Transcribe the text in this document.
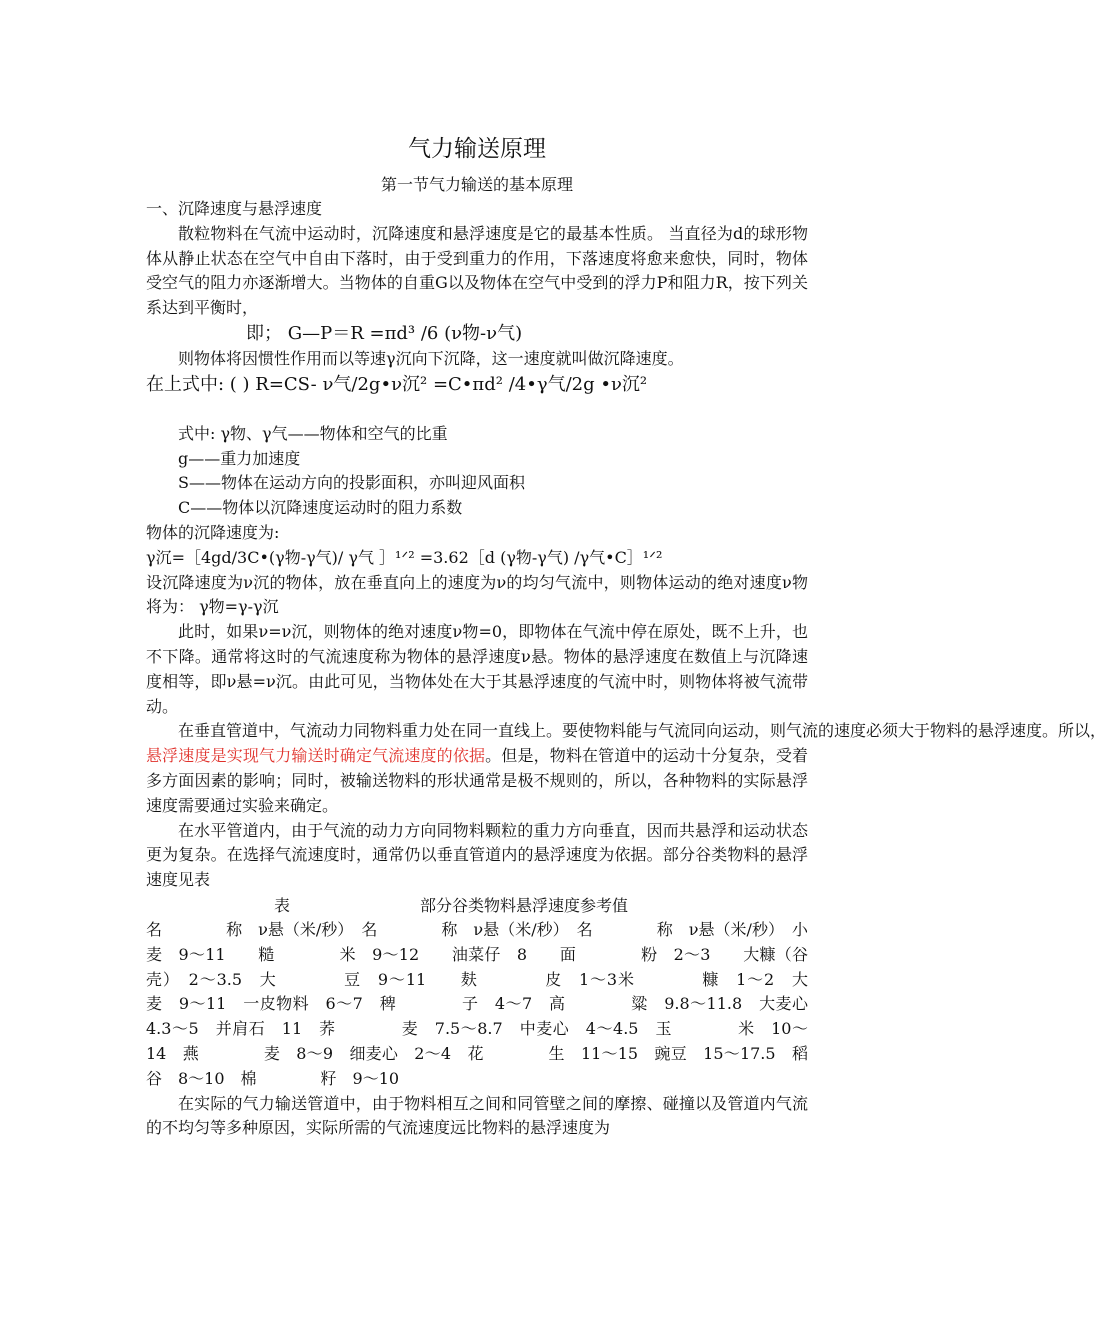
气力输送原理
第一节气力输送的基本原理
一、沉降速度与悬浮速度

散粒物料在气流中运动时，沉降速度和悬浮速度是它的最基本性质。 当直径为d的球形物体从静止状态在空气中自由下落时，由于受到重力的作用，下落速度将愈来愈快，同时，物体受空气的阻力亦逐渐增大。当物体的自重G以及物体在空气中受到的浮力P和阻力R，按下列关系达到平衡时，

即； G—P＝R =πd³ /6 (ν物-ν气)

则物体将因惯性作用而以等速γ沉向下沉降，这一速度就叫做沉降速度。

在上式中: ( ) R=CS- ν气/2g•ν沉² =C•πd² /4•γ气/2g •ν沉²
式中: γ物、γ气——物体和空气的比重
g——重力加速度
S——物体在运动方向的投影面积，亦叫迎风面积
C——物体以沉降速度运动时的阻力系数
物体的沉降速度为:
γ沉=［4gd/3C•(γ物-γ气)/ γ气 ］¹ᐟ² =3.62［d (γ物-γ气) /γ气•C］¹ᐟ²

设沉降速度为ν沉的物体，放在垂直向上的速度为ν的均匀气流中，则物体运动的绝对速度ν物将为： γ物=γ-γ沉

此时，如果ν=ν沉，则物体的绝对速度ν物=0，即物体在气流中停在原处，既不上升，也不下降。通常将这时的气流速度称为物体的悬浮速度ν悬。物体的悬浮速度在数值上与沉降速度相等，即ν悬=ν沉。由此可见，当物体处在大于其悬浮速度的气流中时，则物体将被气流带动。

在垂直管道中，气流动力同物料重力处在同一直线上。要使物料能与气流同向运动，则气流的速度必须大于物料的悬浮速度。所以，悬浮速度是实现气力输送时确定气流速度的依据。但是，物料在管道中的运动十分复杂，受着多方面因素的影响；同时，被输送物料的形状通常是极不规则的，所以，各种物料的实际悬浮速度需要通过实验来确定。

在水平管道内，由于气流的动力方向同物料颗粒的重力方向垂直，因而共悬浮和运动状态更为复杂。在选择气流速度时，通常仍以垂直管道内的悬浮速度为依据。部分谷类物料的悬浮速度见表

表	部分谷类物料悬浮速度参考值

名　　　　称　ν悬（米/秒）　名　　　　称　ν悬（米/秒）　名　　　　称　ν悬（米/秒）　小　　　　麦　9～11　　糙　　　　米　9～12　　油菜仔　8　　面　　　　粉　2～3　　大糠（谷壳）　2～3.5　大　　　　豆　9～11　　麸　　　　皮　1～3米　　　　糠　1～2　大　　　　麦　9～11　一皮物料　6～7　稗　　　　子　4～7　高　　　　粱　9.8～11.8　大麦心　4.3～5　并肩石　11　荞　　　　麦　7.5～8.7　中麦心　4～4.5　玉　　　　米　10～14　燕　　　　麦　8～9　细麦心　2～4　花　　　　生　11～15　豌豆　15～17.5　稻　　　　谷　8～10　棉　　　　籽　9～10

在实际的气力输送管道中，由于物料相互之间和同管壁之间的摩擦、碰撞以及管道内气流的不均匀等多种原因，实际所需的气流速度远比物料的悬浮速度为
